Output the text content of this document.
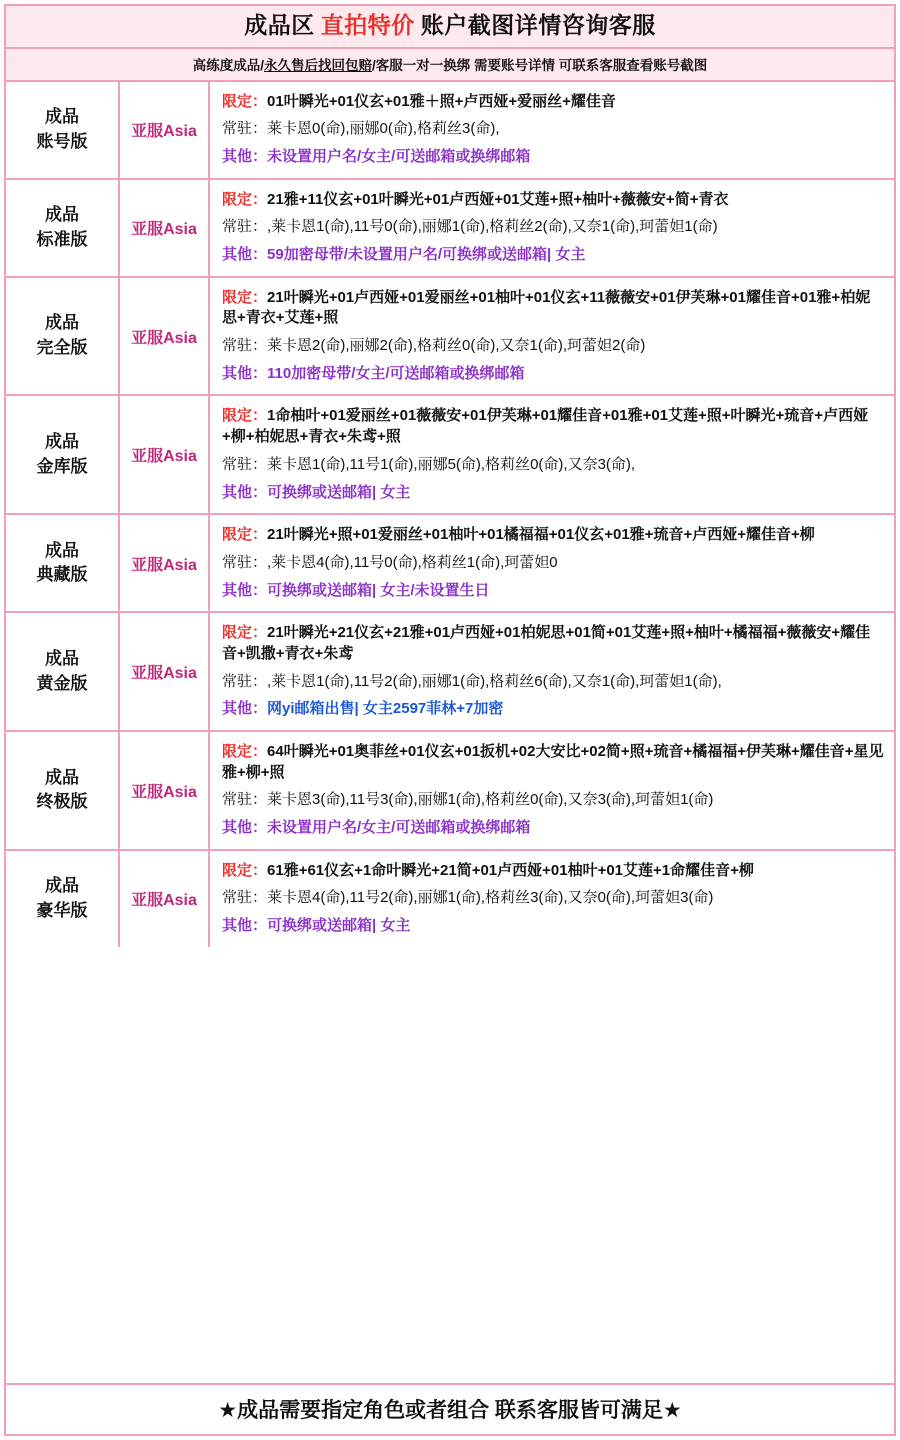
成品区 直拍特价 账户截图详情咨询客服
高练度成品/永久售后找回包赔/客服一对一换绑 需要账号详情 可联系客服查看账号截图
成品
账号版	亚服Asia
限定：01叶瞬光+01仪玄+01雅＋照+卢西娅+爱丽丝+耀佳音
常驻：莱卡恩0(命),丽娜0(命),格莉丝3(命),
其他：未设置用户名/女主/可送邮箱或换绑邮箱
成品
标准版	亚服Asia
限定：21雅+11仪玄+01叶瞬光+01卢西娅+01艾莲+照+柚叶+薇薇安+简+青衣
常驻：,莱卡恩1(命),11号0(命),丽娜1(命),格莉丝2(命),又奈1(命),珂蕾妲1(命)
其他：59加密母带/未设置用户名/可换绑或送邮箱| 女主
成品
完全版	亚服Asia
限定：21叶瞬光+01卢西娅+01爱丽丝+01柚叶+01仪玄+11薇薇安+01伊芙琳+01耀佳音+01雅+柏妮思+青衣+艾莲+照
常驻：莱卡恩2(命),丽娜2(命),格莉丝0(命),又奈1(命),珂蕾妲2(命)
其他：110加密母带/女主/可送邮箱或换绑邮箱
成品
金库版	亚服Asia
限定：1命柚叶+01爱丽丝+01薇薇安+01伊芙琳+01耀佳音+01雅+01艾莲+照+叶瞬光+琉音+卢西娅+柳+柏妮思+青衣+朱鸢+照
常驻：莱卡恩1(命),11号1(命),丽娜5(命),格莉丝0(命),又奈3(命),
其他：可换绑或送邮箱| 女主
成品
典藏版	亚服Asia
限定：21叶瞬光+照+01爱丽丝+01柚叶+01橘福福+01仪玄+01雅+琉音+卢西娅+耀佳音+柳
常驻：,莱卡恩4(命),11号0(命),格莉丝1(命),珂蕾妲0
其他：可换绑或送邮箱| 女主/未设置生日
成品
黄金版	亚服Asia
限定：21叶瞬光+21仪玄+21雅+01卢西娅+01柏妮思+01简+01艾莲+照+柚叶+橘福福+薇薇安+耀佳音+凯撒+青衣+朱鸢
常驻：,莱卡恩1(命),11号2(命),丽娜1(命),格莉丝6(命),又奈1(命),珂蕾妲1(命),
其他：网yi邮箱出售| 女主2597菲林+7加密
成品
终极版	亚服Asia
限定：64叶瞬光+01奥菲丝+01仪玄+01扳机+02大安比+02简+照+琉音+橘福福+伊芙琳+耀佳音+星见雅+柳+照
常驻：莱卡恩3(命),11号3(命),丽娜1(命),格莉丝0(命),又奈3(命),珂蕾妲1(命)
其他：未设置用户名/女主/可送邮箱或换绑邮箱
成品
豪华版	亚服Asia
限定：61雅+61仪玄+1命叶瞬光+21简+01卢西娅+01柚叶+01艾莲+1命耀佳音+柳
常驻：莱卡恩4(命),11号2(命),丽娜1(命),格莉丝3(命),又奈0(命),珂蕾妲3(命)
其他：可换绑或送邮箱| 女主
★成品需要指定角色或者组合 联系客服皆可满足★
